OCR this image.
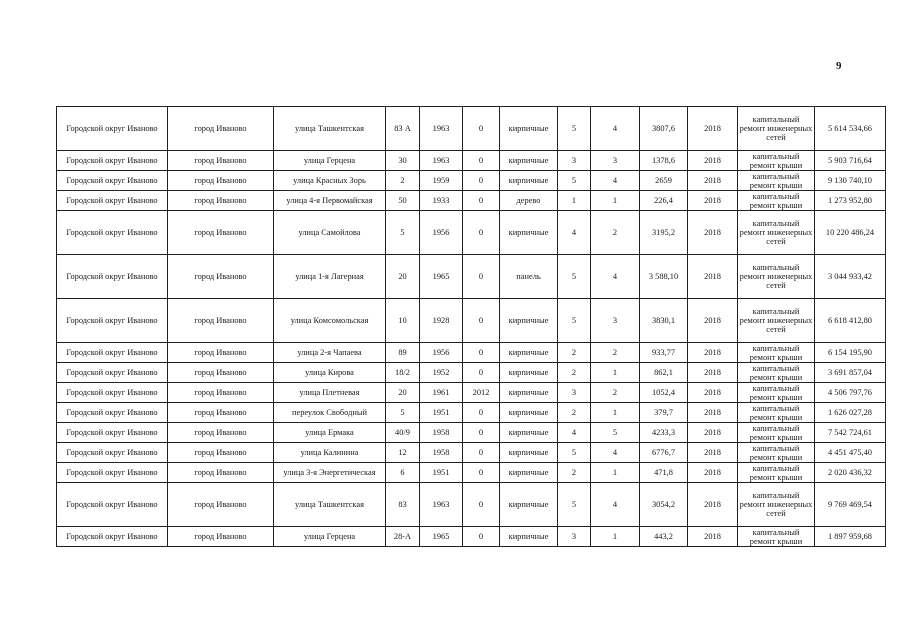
9
Городской округ Иваново	город Иваново	улица Ташкентская	83 А	1963	0	кирпичные	5	4	3807,6	2018	капитальный ремонт инженерных сетей	5 614 534,66
Городской округ Иваново	город Иваново	улица Герцена	30	1963	0	кирпичные	3	3	1378,6	2018	капитальный ремонт крыши	5 903 716,64
Городской округ Иваново	город Иваново	улица Красных Зорь	2	1959	0	кирпичные	5	4	2659	2018	капитальный ремонт крыши	9 130 740,10
Городской округ Иваново	город Иваново	улица 4-я Первомайская	50	1933	0	дерево	1	1	226,4	2018	капитальный ремонт крыши	1 273 952,80
Городской округ Иваново	город Иваново	улица Самойлова	5	1956	0	кирпичные	4	2	3195,2	2018	капитальный ремонт инженерных сетей	10 220 486,24
Городской округ Иваново	город Иваново	улица 1-я Лагерная	20	1965	0	панель	5	4	3 588,10	2018	капитальный ремонт инженерных сетей	3 044 933,42
Городской округ Иваново	город Иваново	улица Комсомольская	10	1928	0	кирпичные	5	3	3830,1	2018	капитальный ремонт инженерных сетей	6 618 412,80
Городской округ Иваново	город Иваново	улица 2-я Чапаева	89	1956	0	кирпичные	2	2	933,77	2018	капитальный ремонт крыши	6 154 195,90
Городской округ Иваново	город Иваново	улица Кирова	18/2	1952	0	кирпичные	2	1	862,1	2018	капитальный ремонт крыши	3 691 857,04
Городской округ Иваново	город Иваново	улица Плетневая	20	1961	2012	кирпичные	3	2	1052,4	2018	капитальный ремонт крыши	4 506 797,76
Городской округ Иваново	город Иваново	переулок Свободный	5	1951	0	кирпичные	2	1	379,7	2018	капитальный ремонт крыши	1 626 027,28
Городской округ Иваново	город Иваново	улица Ермака	40/9	1958	0	кирпичные	4	5	4233,3	2018	капитальный ремонт крыши	7 542 724,61
Городской округ Иваново	город Иваново	улица Калинина	12	1958	0	кирпичные	5	4	6776,7	2018	капитальный ремонт крыши	4 451 475,40
Городской округ Иваново	город Иваново	улица 3-я Энергетическая	6	1951	0	кирпичные	2	1	471,8	2018	капитальный ремонт крыши	2 020 436,32
Городской округ Иваново	город Иваново	улица Ташкентская	83	1963	0	кирпичные	5	4	3054,2	2018	капитальный ремонт инженерных сетей	9 769 469,54
Городской округ Иваново	город Иваново	улица Герцена	28-А	1965	0	кирпичные	3	1	443,2	2018	капитальный ремонт крыши	1 897 959,68
